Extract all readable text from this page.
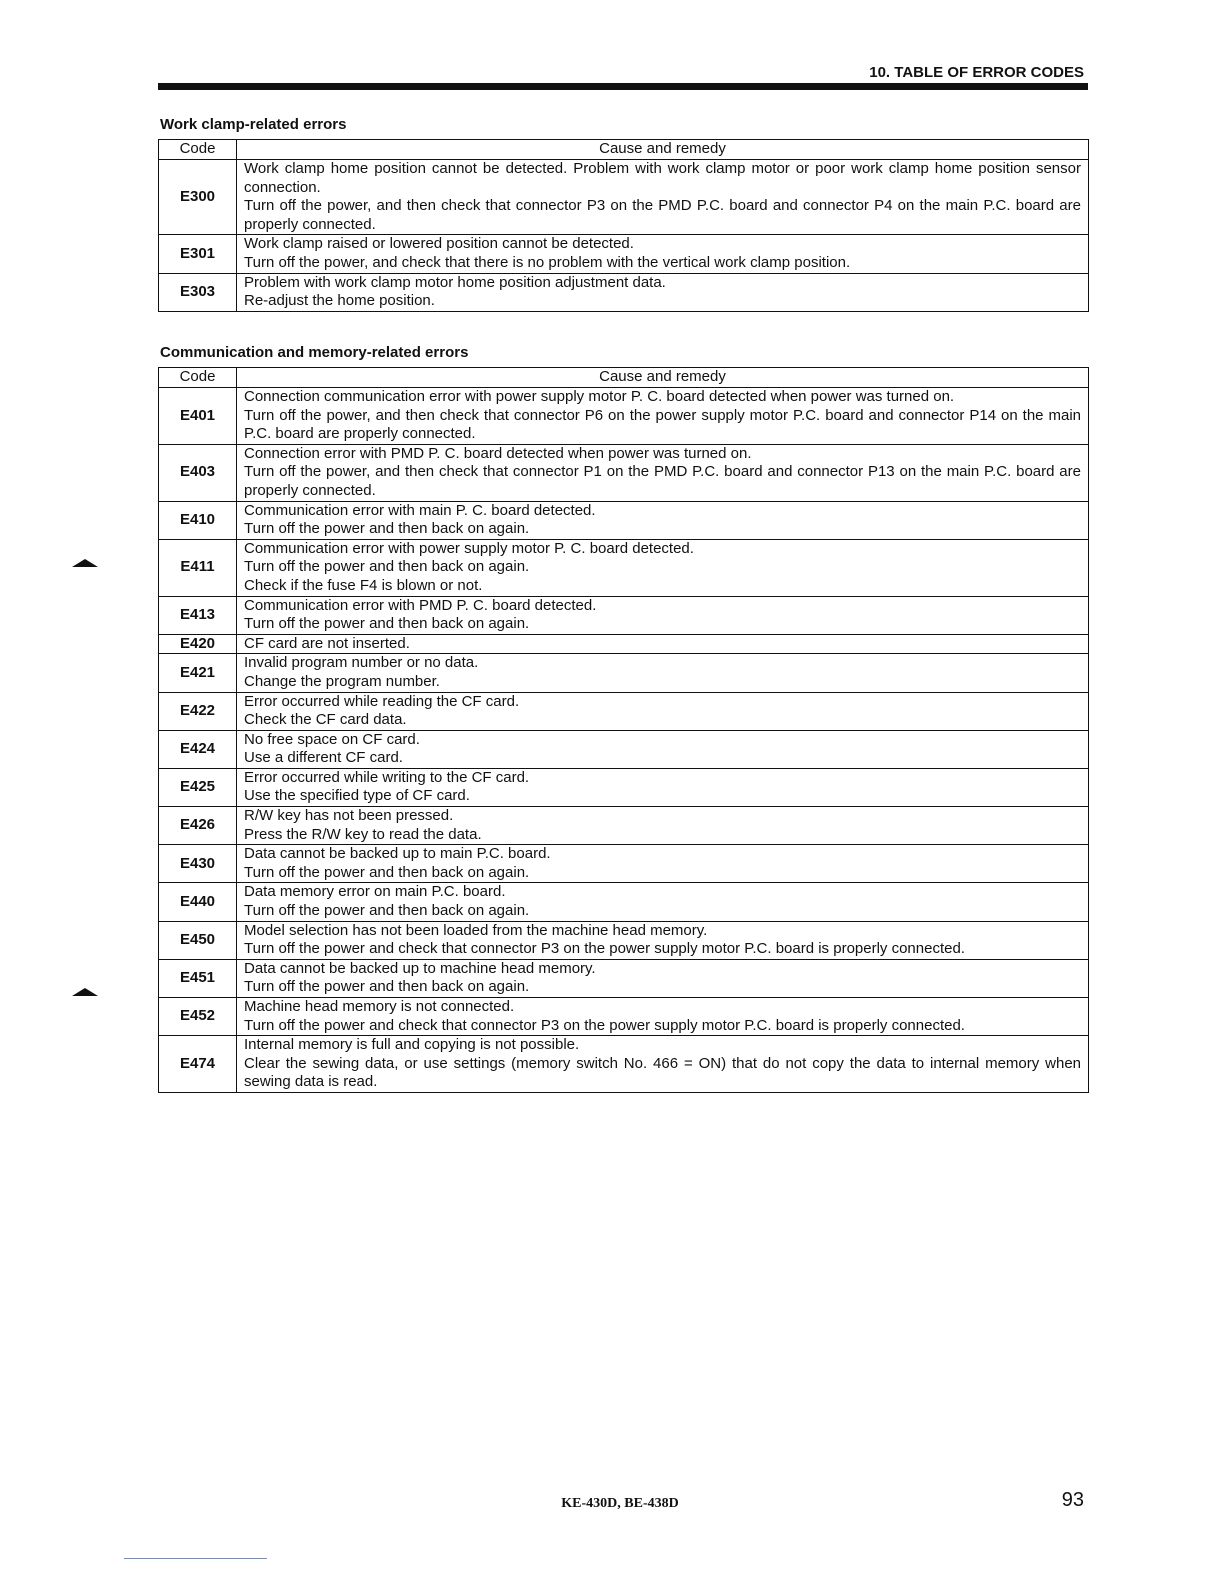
10. TABLE OF ERROR CODES
Work clamp-related errors
Code	Cause and remedy
E300	Work clamp home position cannot be detected. Problem with work clamp motor or poor work clamp home position sensor connection.
Turn off the power, and then check that connector P3 on the PMD P.C. board and connector P4 on the main P.C. board are properly connected.

E301	Work clamp raised or lowered position cannot be detected.
Turn off the power, and check that there is no problem with the vertical work clamp position.

E303	Problem with work clamp motor home position adjustment data.
Re-adjust the home position.
Communication and memory-related errors
Code	Cause and remedy
E401	Connection communication error with power supply motor P. C. board detected when power was turned on.
Turn off the power, and then check that connector P6 on the power supply motor P.C. board and connector P14 on the main P.C. board are properly connected.

E403	Connection error with PMD P. C. board detected when power was turned on.
Turn off the power, and then check that connector P1 on the PMD P.C. board and connector P13 on the main P.C. board are properly connected.

E410	Communication error with main P. C. board detected.
Turn off the power and then back on again.

E411	Communication error with power supply motor P. C. board detected.
Turn off the power and then back on again.
Check if the fuse F4 is blown or not.

E413	Communication error with PMD P. C. board detected.
Turn off the power and then back on again.

E420	CF card are not inserted.

E421	Invalid program number or no data.
Change the program number.

E422	Error occurred while reading the CF card.
Check the CF card data.

E424	No free space on CF card.
Use a different CF card.

E425	Error occurred while writing to the CF card.
Use the specified type of CF card.

E426	R/W key has not been pressed.
Press the R/W key to read the data.

E430	Data cannot be backed up to main P.C. board.
Turn off the power and then back on again.

E440	Data memory error on main P.C. board.
Turn off the power and then back on again.

E450	Model selection has not been loaded from the machine head memory.
Turn off the power and check that connector P3 on the power supply motor P.C. board is properly connected.

E451	Data cannot be backed up to machine head memory.
Turn off the power and then back on again.

E452	Machine head memory is not connected.
Turn off the power and check that connector P3 on the power supply motor P.C. board is properly connected.

E474	Internal memory is full and copying is not possible.
Clear the sewing data, or use settings (memory switch No. 466 = ON) that do not copy the data to internal memory when sewing data is read.
KE-430D, BE-438D	93
